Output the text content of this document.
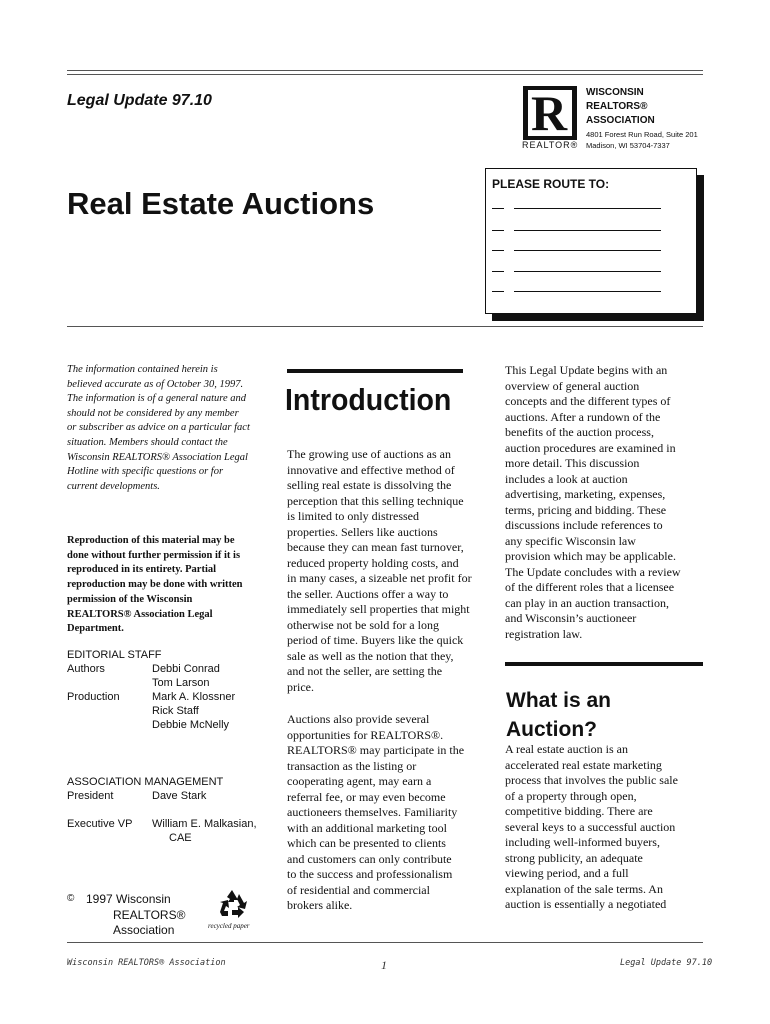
Legal Update 97.10	R
REALTOR®
WISCONSIN
REALTORS®
ASSOCIATION
4801 Forest Run Road, Suite 201
Madison, WI 53704-7337
Real Estate Auctions
PLEASE ROUTE TO:
The information contained herein is
believed accurate as of October 30, 1997.
The information is of a general nature and
should not be considered by any member
or subscriber as advice on a particular fact
situation. Members should contact the
Wisconsin REALTORS® Association Legal
Hotline with specific questions or for
current developments.
Reproduction of this material may be
done without further permission if it is
reproduced in its entirety. Partial
reproduction may be done with written
permission of the Wisconsin
REALTORS® Association Legal
Department.
EDITORIAL STAFF
Authors	Debbi Conrad
Tom Larson
Production	Mark A. Klossner
Rick Staff
Debbie McNelly
ASSOCIATION MANAGEMENT
President	Dave Stark
Executive VP William E. Malkasian,
CAE
© 1997 Wisconsin
REALTORS®
Association	recycled paper
Introduction
The growing use of auctions as an
innovative and effective method of
selling real estate is dissolving the
perception that this selling technique
is limited to only distressed
properties. Sellers like auctions
because they can mean fast turnover,
reduced property holding costs, and
in many cases, a sizeable net profit for
the seller. Auctions offer a way to
immediately sell properties that might
otherwise not be sold for a long
period of time. Buyers like the quick
sale as well as the notion that they,
and not the seller, are setting the
price.
Auctions also provide several
opportunities for REALTORS®.
REALTORS® may participate in the
transaction as the listing or
cooperating agent, may earn a
referral fee, or may even become
auctioneers themselves. Familiarity
with an additional marketing tool
which can be presented to clients
and customers can only contribute
to the success and professionalism
of residential and commercial
brokers alike.
This Legal Update begins with an
overview of general auction
concepts and the different types of
auctions. After a rundown of the
benefits of the auction process,
auction procedures are examined in
more detail. This discussion
includes a look at auction
advertising, marketing, expenses,
terms, pricing and bidding. These
discussions include references to
any specific Wisconsin law
provision which may be applicable.
The Update concludes with a review
of the different roles that a licensee
can play in an auction transaction,
and Wisconsin’s auctioneer
registration law.
What is an
Auction?
A real estate auction is an
accelerated real estate marketing
process that involves the public sale
of a property through open,
competitive bidding. There are
several keys to a successful auction
including well-informed buyers,
strong publicity, an adequate
viewing period, and a full
explanation of the sale terms. An
auction is essentially a negotiated
Wisconsin REALTORS® Association	1	Legal Update 97.10
